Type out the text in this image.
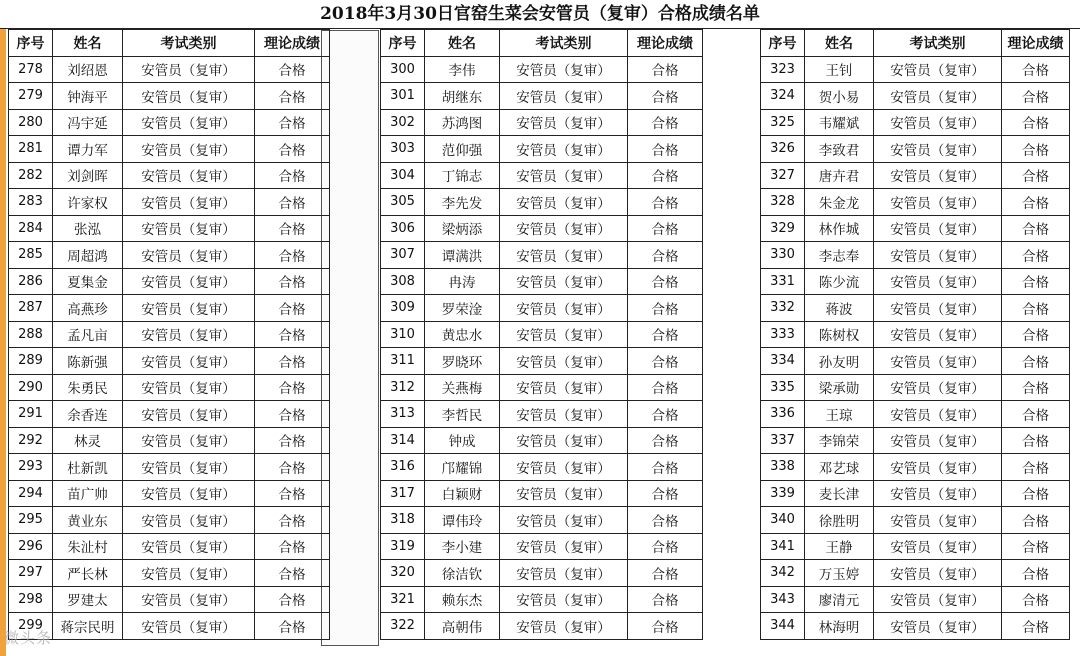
2018年3月30日官窑生菜会安管员（复审）合格成绩名单
序号	姓名	考试类别	理论成绩
278	刘绍恩	安管员（复审）	合格
279	钟海平	安管员（复审）	合格
280	冯宇延	安管员（复审）	合格
281	谭力军	安管员（复审）	合格
282	刘剑晖	安管员（复审）	合格
283	许家权	安管员（复审）	合格
284	张泓	安管员（复审）	合格
285	周超鸿	安管员（复审）	合格
286	夏集金	安管员（复审）	合格
287	高燕珍	安管员（复审）	合格
288	孟凡亩	安管员（复审）	合格
289	陈新强	安管员（复审）	合格
290	朱勇民	安管员（复审）	合格
291	余香连	安管员（复审）	合格
292	林灵	安管员（复审）	合格
293	杜新凯	安管员（复审）	合格
294	苗广帅	安管员（复审）	合格
295	黄业东	安管员（复审）	合格
296	朱沚村	安管员（复审）	合格
297	严长林	安管员（复审）	合格
298	罗建太	安管员（复审）	合格
299	蒋宗民明	安管员（复审）	合格
序号	姓名	考试类别	理论成绩
300	李伟	安管员（复审）	合格
301	胡继东	安管员（复审）	合格
302	苏鸿图	安管员（复审）	合格
303	范仰强	安管员（复审）	合格
304	丁锦志	安管员（复审）	合格
305	李先发	安管员（复审）	合格
306	梁炳添	安管员（复审）	合格
307	谭满洪	安管员（复审）	合格
308	冉涛	安管员（复审）	合格
309	罗荣淦	安管员（复审）	合格
310	黄忠水	安管员（复审）	合格
311	罗晓环	安管员（复审）	合格
312	关燕梅	安管员（复审）	合格
313	李哲民	安管员（复审）	合格
314	钟成	安管员（复审）	合格
316	邝耀锦	安管员（复审）	合格
317	白颖财	安管员（复审）	合格
318	谭伟玲	安管员（复审）	合格
319	李小建	安管员（复审）	合格
320	徐洁钦	安管员（复审）	合格
321	赖东杰	安管员（复审）	合格
322	高朝伟	安管员（复审）	合格
序号	姓名	考试类别	理论成绩
323	王钊	安管员（复审）	合格
324	贺小易	安管员（复审）	合格
325	韦耀斌	安管员（复审）	合格
326	李致君	安管员（复审）	合格
327	唐卉君	安管员（复审）	合格
328	朱金龙	安管员（复审）	合格
329	林作城	安管员（复审）	合格
330	李志奉	安管员（复审）	合格
331	陈少流	安管员（复审）	合格
332	蒋波	安管员（复审）	合格
333	陈树权	安管员（复审）	合格
334	孙友明	安管员（复审）	合格
335	梁承勋	安管员（复审）	合格
336	王琼	安管员（复审）	合格
337	李锦荣	安管员（复审）	合格
338	邓艺球	安管员（复审）	合格
339	麦长津	安管员（复审）	合格
340	徐胜明	安管员（复审）	合格
341	王静	安管员（复审）	合格
342	万玉婷	安管员（复审）	合格
343	廖清元	安管员（复审）	合格
344	林海明	安管员（复审）	合格
微头条
